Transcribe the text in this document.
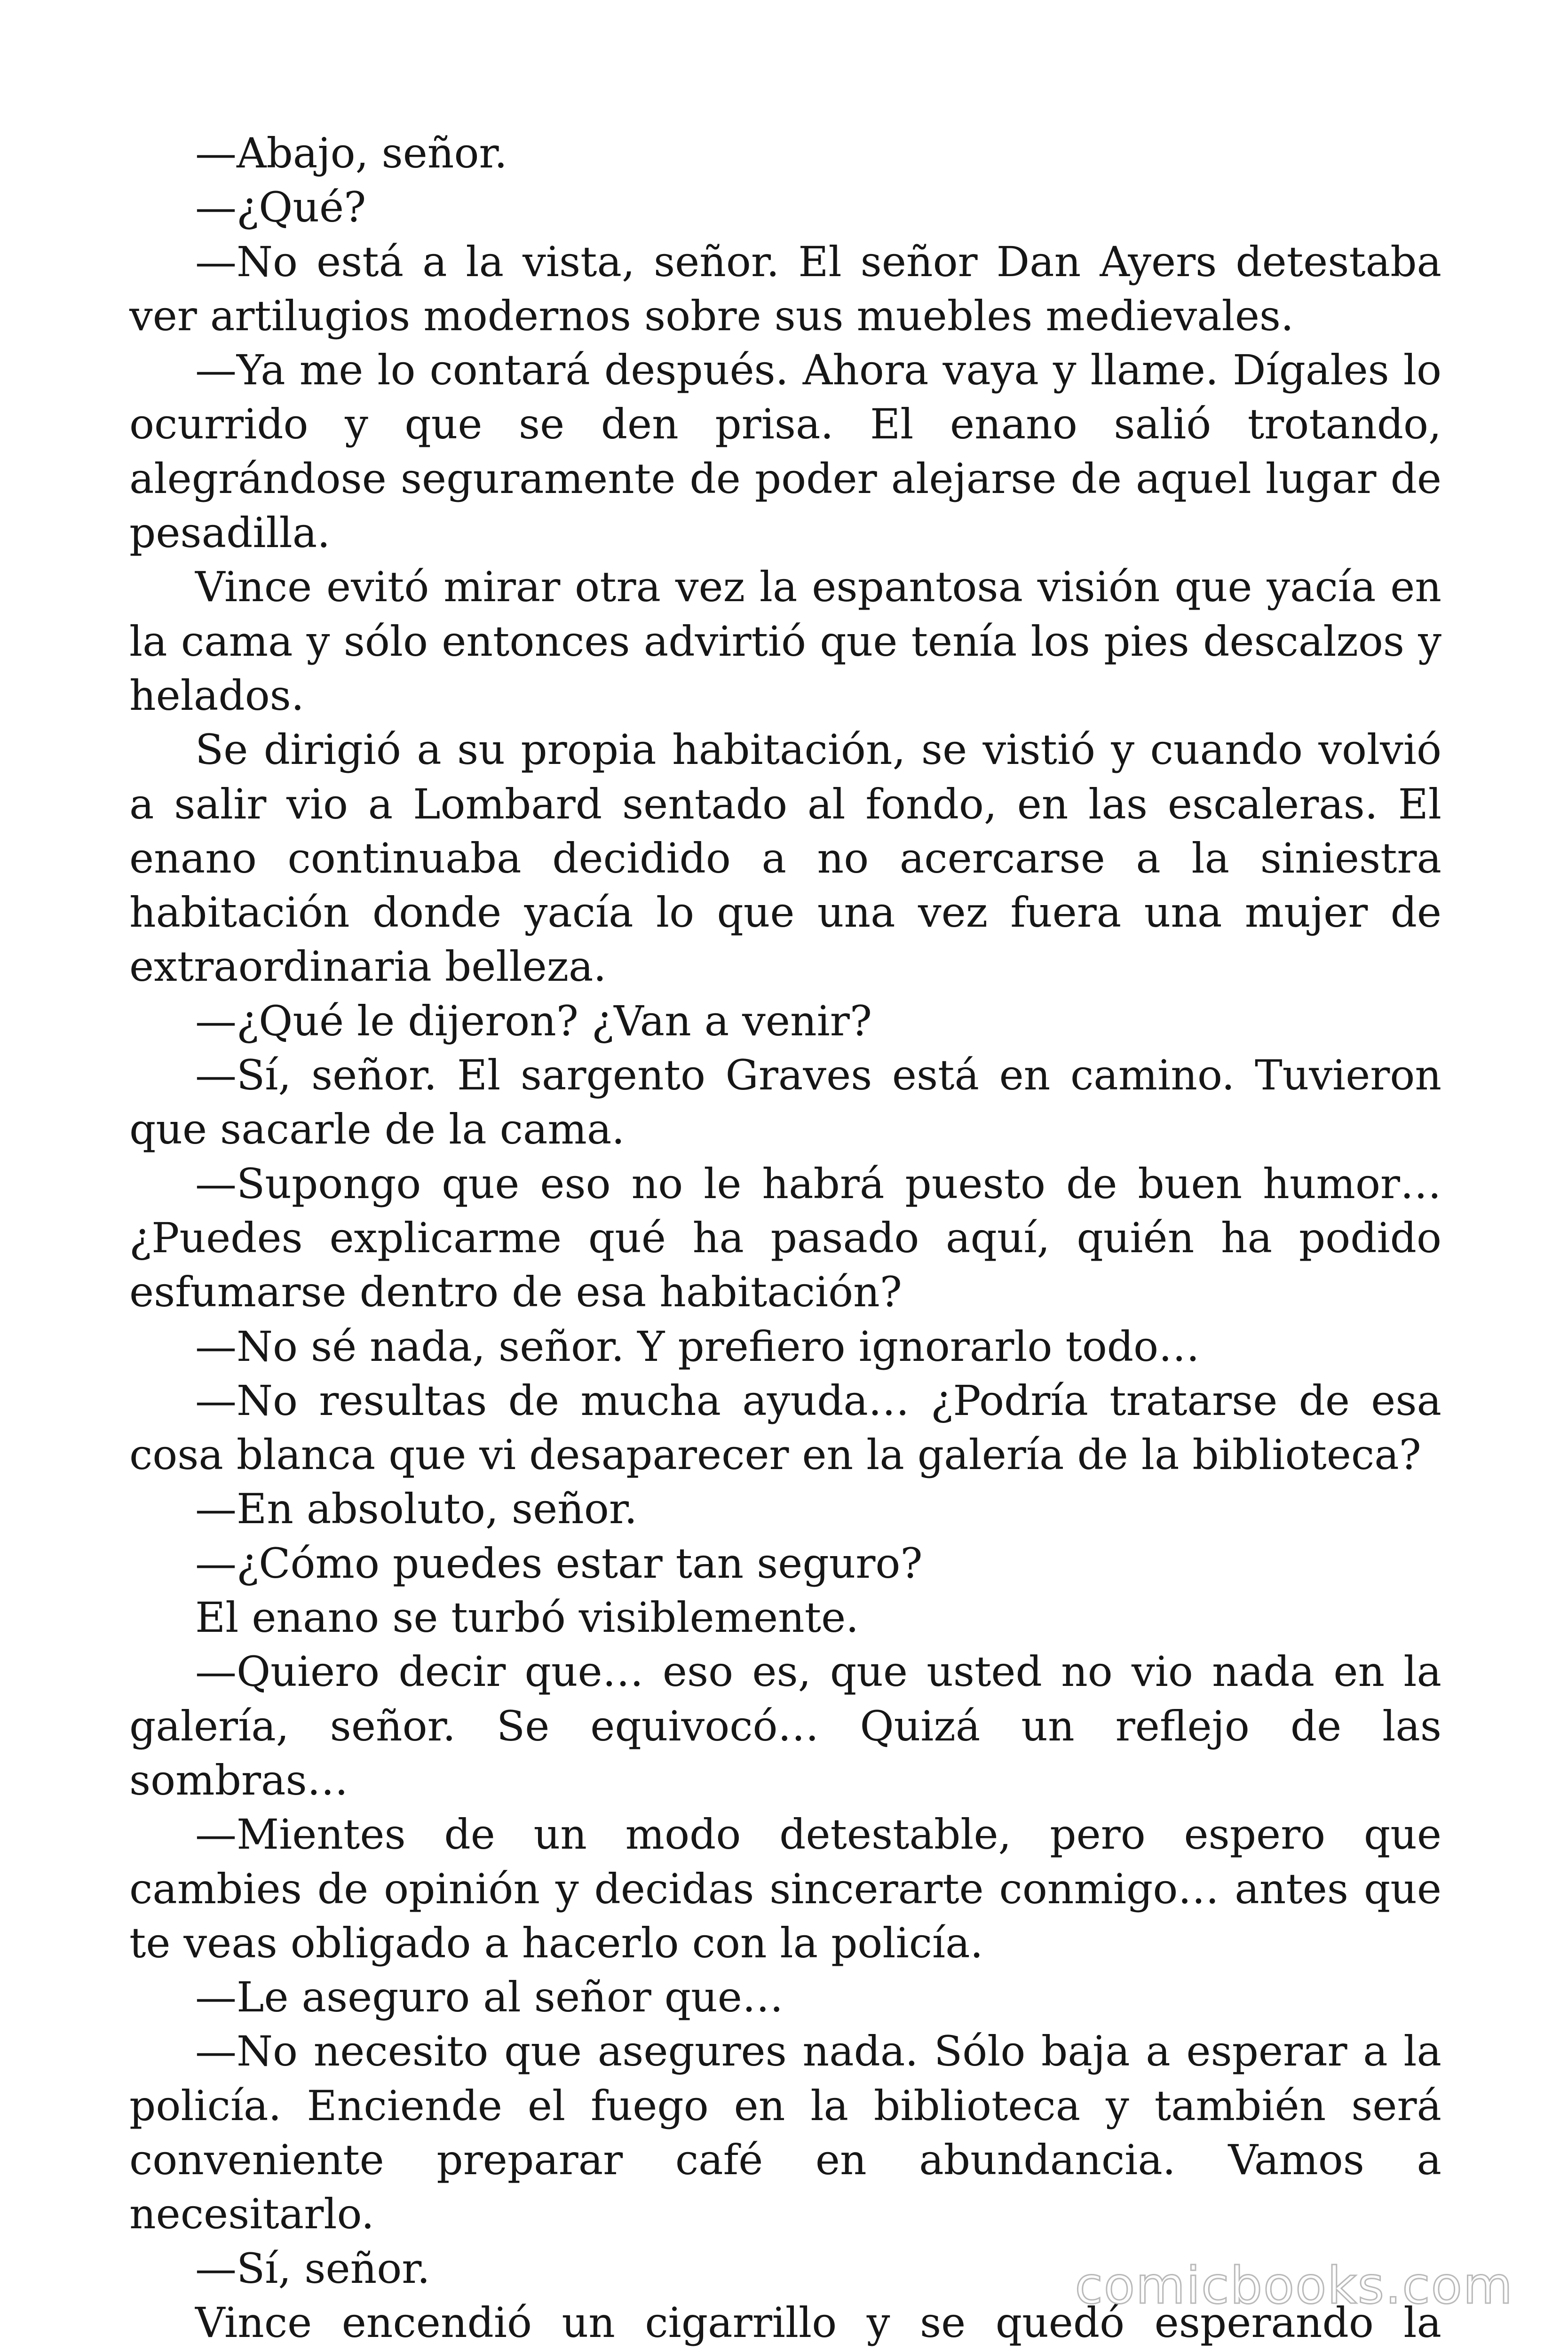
—Abajo, señor.

—¿Qué?

—No está a la vista, señor. El señor Dan Ayers detestaba ver artilugios modernos sobre sus muebles medievales.

—Ya me lo contará después. Ahora vaya y llame. Dígales lo ocurrido y que se den prisa. El enano salió trotando, alegrándose seguramente de poder alejarse de aquel lugar de pesadilla.

Vince evitó mirar otra vez la espantosa visión que yacía en la cama y sólo entonces advirtió que tenía los pies descalzos y helados.

Se dirigió a su propia habitación, se vistió y cuando volvió a salir vio a Lombard sentado al fondo, en las escaleras. El enano continuaba decidido a no acercarse a la siniestra habitación donde yacía lo que una vez fuera una mujer de extraordinaria belleza.

—¿Qué le dijeron? ¿Van a venir?

—Sí, señor. El sargento Graves está en camino. Tuvieron que sacarle de la cama.

—Supongo que eso no le habrá puesto de buen humor… ¿Puedes explicarme qué ha pasado aquí, quién ha podido esfumarse dentro de esa habitación?

—No sé nada, señor. Y prefiero ignorarlo todo…

—No resultas de mucha ayuda… ¿Podría tratarse de esa cosa blanca que vi desaparecer en la galería de la biblioteca?

—En absoluto, señor.

—¿Cómo puedes estar tan seguro?

El enano se turbó visiblemente.

—Quiero decir que… eso es, que usted no vio nada en la galería, señor. Se equivocó… Quizá un reflejo de las sombras…

—Mientes de un modo detestable, pero espero que cambies de opinión y decidas sincerarte conmigo… antes que te veas obligado a hacerlo con la policía.

—Le aseguro al señor que…

—No necesito que asegures nada. Sólo baja a esperar a la policía. Enciende el fuego en la biblioteca y también será conveniente preparar café en abundancia. Vamos a necesitarlo.

—Sí, señor.

Vince encendió un cigarrillo y se quedó esperando la

comicbooks.com
